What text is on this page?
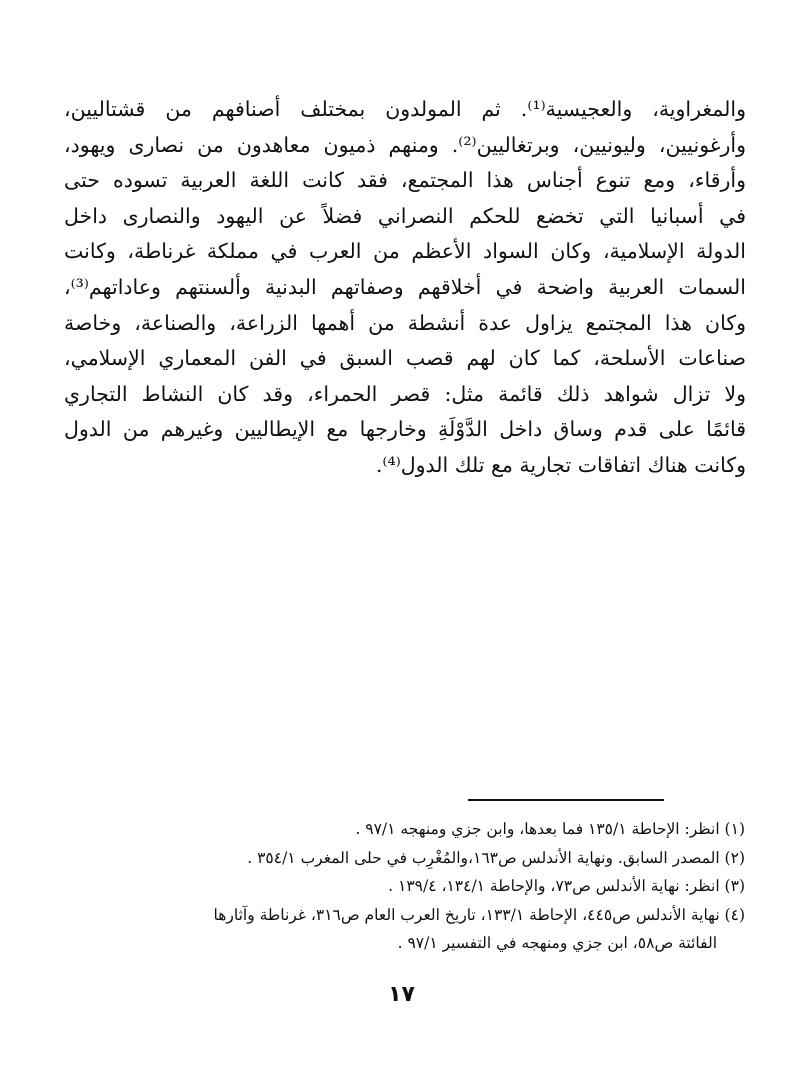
والمغراوية، والعجيسية⁽¹⁾. ثم المولدون بمختلف أصنافهم من قشتاليين،
وأرغونيين، وليونيين، وبرتغاليين⁽²⁾. ومنهم ذميون معاهدون من نصارى ويهود،
وأرقاء، ومع تنوع أجناس هذا المجتمع، فقد كانت اللغة العربية تسوده حتى
في أسبانيا التي تخضع للحكم النصراني فضلاً عن اليهود والنصارى داخل
الدولة الإسلامية، وكان السواد الأعظم من العرب في مملكة غرناطة، وكانت
السمات العربية واضحة في أخلاقهم وصفاتهم البدنية وألسنتهم وعاداتهم⁽³⁾،
وكان هذا المجتمع يزاول عدة أنشطة من أهمها الزراعة، والصناعة، وخاصة
صناعات الأسلحة، كما كان لهم قصب السبق في الفن المعماري الإسلامي،
ولا تزال شواهد ذلك قائمة مثل: قصر الحمراء، وقد كان النشاط التجاري
قائمًا على قدم وساق داخل الدَّوْلَةِ وخارجها مع الإيطاليين وغيرهم من الدول
وكانت هناك اتفاقات تجارية مع تلك الدول⁽⁴⁾.
(١) انظر: الإحاطة ١٣٥/١ فما بعدها، وابن جزي ومنهجه ٩٧/١ .
(٢) المصدر السابق. ونهاية الأندلس ص١٦٣،والمُغْرِب في حلى المغرب ٣٥٤/١ .
(٣) انظر: نهاية الأندلس ص٧٣، والإحاطة ١٣٤/١، ١٣٩/٤ .
(٤) نهاية الأندلس ص٤٤٥، الإحاطة ١٣٣/١، تاريخ العرب العام ص٣١٦، غرناطة وآثارها
الفائتة ص٥٨، ابن جزي ومنهجه في التفسير ٩٧/١ .
١٧
